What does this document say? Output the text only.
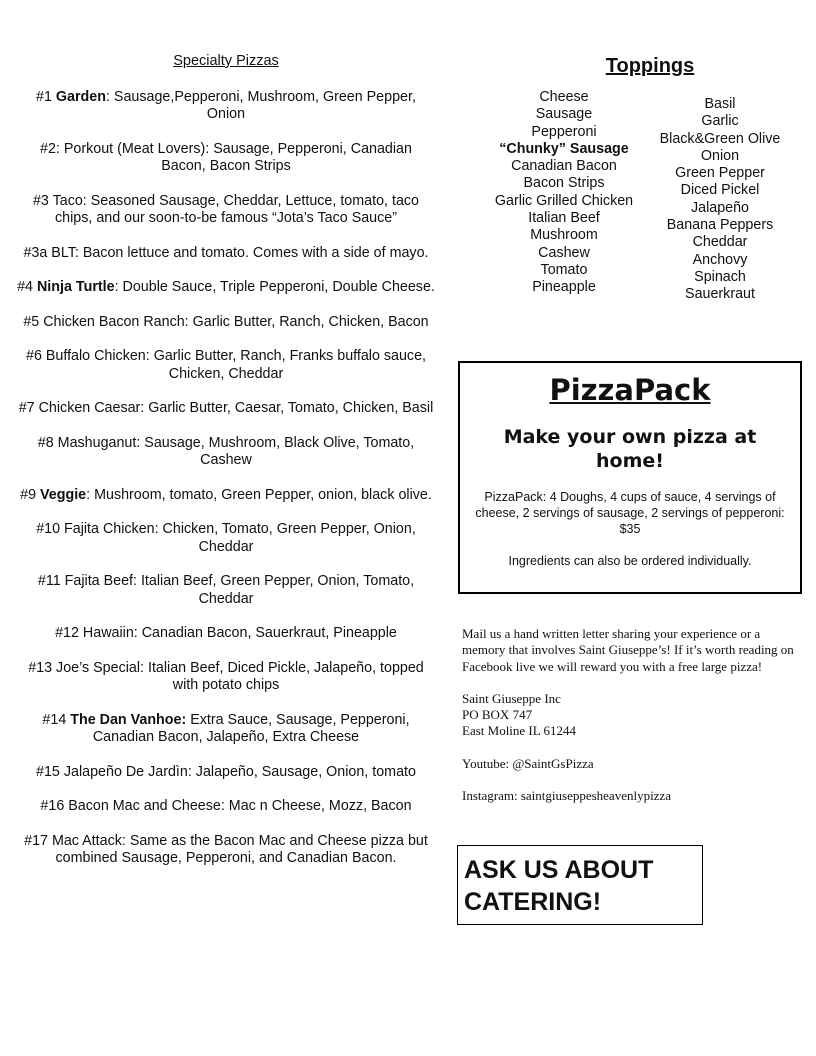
Specialty Pizzas
#1 Garden: Sausage,Pepperoni, Mushroom, Green Pepper, Onion
#2: Porkout (Meat Lovers): Sausage, Pepperoni, Canadian Bacon, Bacon Strips
#3 Taco: Seasoned Sausage, Cheddar, Lettuce, tomato, taco chips, and our soon-to-be famous “Jota’s Taco Sauce”
#3a BLT: Bacon lettuce and tomato. Comes with a side of mayo.
#4 Ninja Turtle: Double Sauce, Triple Pepperoni, Double Cheese.
#5 Chicken Bacon Ranch: Garlic Butter, Ranch, Chicken, Bacon
#6 Buffalo Chicken: Garlic Butter, Ranch, Franks buffalo sauce, Chicken, Cheddar
#7 Chicken Caesar: Garlic Butter, Caesar, Tomato, Chicken, Basil
#8 Mashuganut: Sausage, Mushroom, Black Olive, Tomato, Cashew
#9 Veggie: Mushroom, tomato, Green Pepper, onion, black olive.
#10 Fajita Chicken: Chicken, Tomato, Green Pepper, Onion, Cheddar
#11 Fajita Beef: Italian Beef, Green Pepper, Onion, Tomato, Cheddar
#12 Hawaiin: Canadian Bacon, Sauerkraut, Pineapple
#13 Joe’s Special: Italian Beef, Diced Pickle, Jalapeño, topped with potato chips
#14 The Dan Vanhoe: Extra Sauce, Sausage, Pepperoni, Canadian Bacon, Jalapeño, Extra Cheese
#15 Jalapeño De Jardìn: Jalapeño, Sausage, Onion, tomato
#16 Bacon Mac and Cheese: Mac n Cheese, Mozz, Bacon
#17 Mac Attack: Same as the Bacon Mac and Cheese pizza but combined Sausage, Pepperoni, and Canadian Bacon.
Toppings
Cheese
Sausage
Pepperoni
“Chunky” Sausage
Canadian Bacon
Bacon Strips
Garlic Grilled Chicken
Italian Beef
Mushroom
Cashew
Tomato
Pineapple
Basil
Garlic
Black&Green Olive
Onion
Green Pepper
Diced Pickel
Jalapeño
Banana Peppers
Cheddar
Anchovy
Spinach
Sauerkraut
PizzaPack
Make your own pizza at home!
PizzaPack: 4 Doughs, 4 cups of sauce, 4 servings of cheese, 2 servings of sausage, 2 servings of pepperoni: $35
Ingredients can also be ordered individually.

Mail us a hand written letter sharing your experience or a memory that involves Saint Giuseppe’s! If it’s worth reading on Facebook live we will reward you with a free large pizza!

Saint Giuseppe Inc
PO BOX 747
East Moline IL 61244

Youtube: @SaintGsPizza

Instagram: saintgiuseppesheavenlypizza

ASK US ABOUT
CATERING!
